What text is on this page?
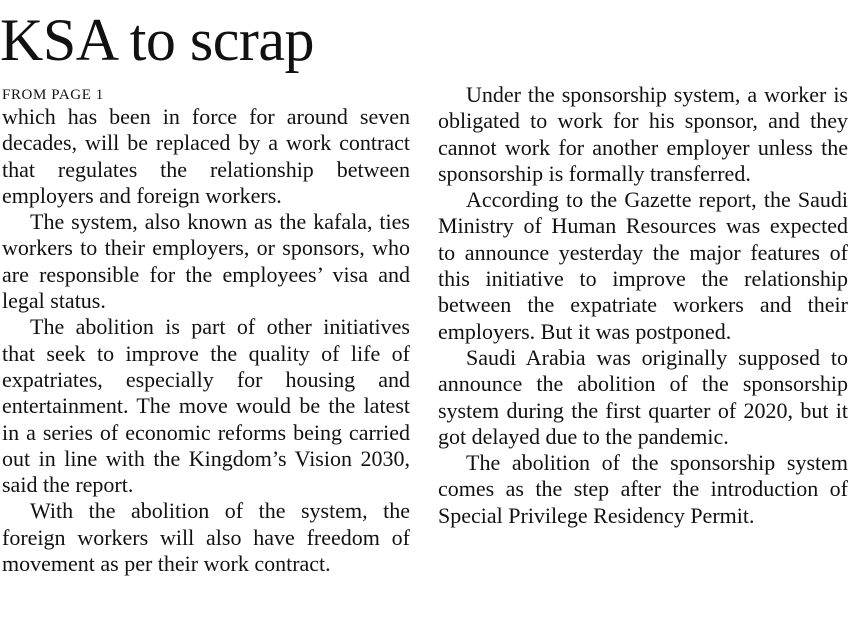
KSA to scrap
FROM PAGE 1

which has been in force for around seven decades, will be replaced by a work contract that regulates the relationship between employers and foreign workers.

The system, also known as the kafala, ties workers to their employers, or sponsors, who are responsible for the employees’ visa and legal status.

The abolition is part of other initiatives that seek to improve the quality of life of expatriates, especially for housing and entertainment. The move would be the latest in a series of economic reforms being carried out in line with the Kingdom’s Vision 2030, said the report.

With the abolition of the system, the foreign workers will also have freedom of movement as per their work contract.

Under the sponsorship system, a worker is obligated to work for his sponsor, and they cannot work for another employer unless the sponsorship is formally transferred.

According to the Gazette report, the Saudi Ministry of Human Resources was expected to announce yesterday the major features of this initiative to improve the relationship between the expatriate workers and their employers. But it was postponed.

Saudi Arabia was originally supposed to announce the abolition of the sponsorship system during the first quarter of 2020, but it got delayed due to the pandemic.

The abolition of the sponsorship system comes as the step after the introduction of Special Privilege Residency Permit.
